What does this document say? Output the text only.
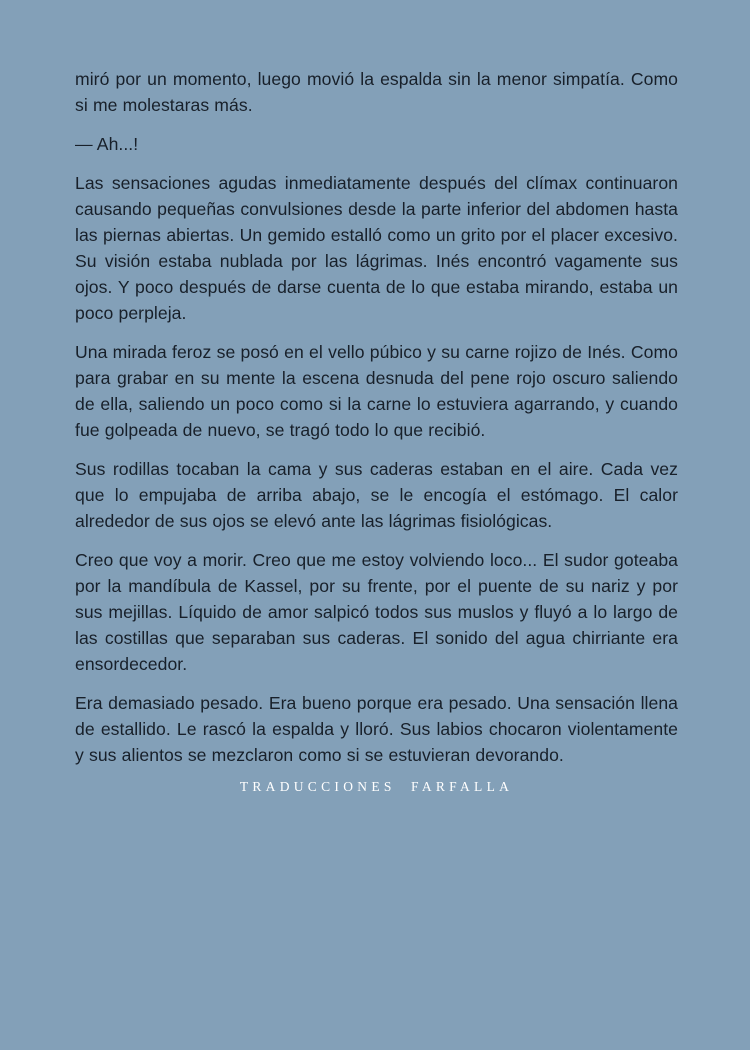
miró por un momento, luego movió la espalda sin la menor simpatía. Como si me molestaras más.

— Ah...!

Las sensaciones agudas inmediatamente después del clímax continuaron causando pequeñas convulsiones desde la parte inferior del abdomen hasta las piernas abiertas. Un gemido estalló como un grito por el placer excesivo. Su visión estaba nublada por las lágrimas. Inés encontró vagamente sus ojos. Y poco después de darse cuenta de lo que estaba mirando, estaba un poco perpleja.

Una mirada feroz se posó en el vello púbico y su carne rojizo de Inés. Como para grabar en su mente la escena desnuda del pene rojo oscuro saliendo de ella, saliendo un poco como si la carne lo estuviera agarrando, y cuando fue golpeada de nuevo, se tragó todo lo que recibió.

Sus rodillas tocaban la cama y sus caderas estaban en el aire. Cada vez que lo empujaba de arriba abajo, se le encogía el estómago. El calor alrededor de sus ojos se elevó ante las lágrimas fisiológicas.

Creo que voy a morir. Creo que me estoy volviendo loco... El sudor goteaba por la mandíbula de Kassel, por su frente, por el puente de su nariz y por sus mejillas. Líquido de amor salpicó todos sus muslos y fluyó a lo largo de las costillas que separaban sus caderas. El sonido del agua chirriante era ensordecedor.

Era demasiado pesado. Era bueno porque era pesado. Una sensación llena de estallido. Le rascó la espalda y lloró. Sus labios chocaron violentamente y sus alientos se mezclaron como si se estuvieran devorando.

TRADUCCIONES  FARFALLA
